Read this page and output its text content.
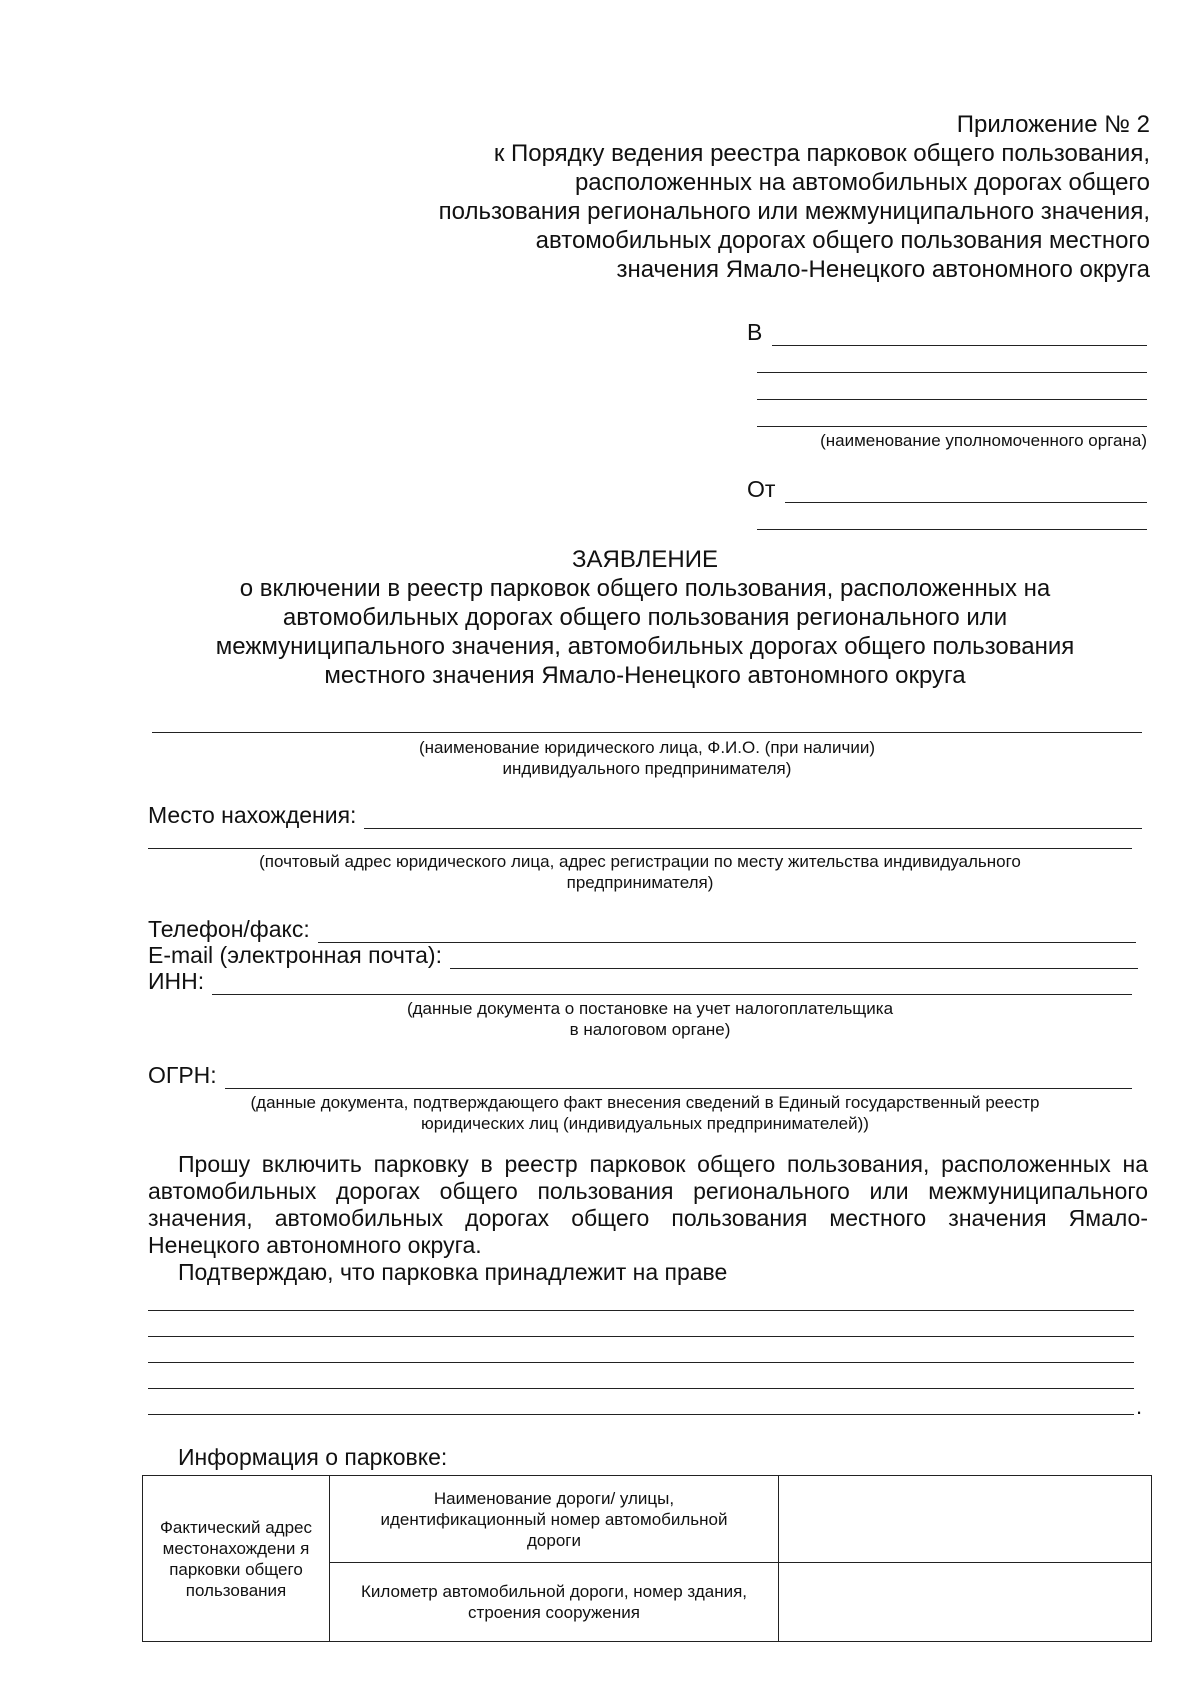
Приложение № 2
к Порядку ведения реестра парковок общего пользования,
расположенных на автомобильных дорогах общего
пользования регионального или межмуниципального значения,
автомобильных дорогах общего пользования местного
значения Ямало-Ненецкого автономного округа
В
(наименование уполномоченного органа)
От
ЗАЯВЛЕНИЕ
о включении в реестр парковок общего пользования, расположенных на
автомобильных дорогах общего пользования регионального или
межмуниципального значения, автомобильных дорогах общего пользования
местного значения Ямало-Ненецкого автономного округа
(наименование юридического лица, Ф.И.О. (при наличии)
индивидуального предпринимателя)
Место нахождения:
(почтовый адрес юридического лица, адрес регистрации по месту жительства индивидуального
предпринимателя)
Телефон/факс:
E-mail (электронная почта):
ИНН:
(данные документа о постановке на учет налогоплательщика
в налоговом органе)
ОГРН:
(данные документа, подтверждающего факт внесения сведений в Единый государственный реестр
юридических лиц (индивидуальных предпринимателей))

Прошу включить парковку в реестр парковок общего пользования, расположенных на автомобильных дорогах общего пользования регионального или межмуниципального значения, автомобильных дорогах общего пользования местного значения Ямало-Ненецкого автономного округа.

Подтверждаю, что парковка принадлежит на праве

.
Информация о парковке:
Фактический адрес местонахождени я парковки общего пользования	Наименование дороги/ улицы, идентификационный номер автомобильной дороги	
	Километр автомобильной дороги, номер здания, строения сооружения	
